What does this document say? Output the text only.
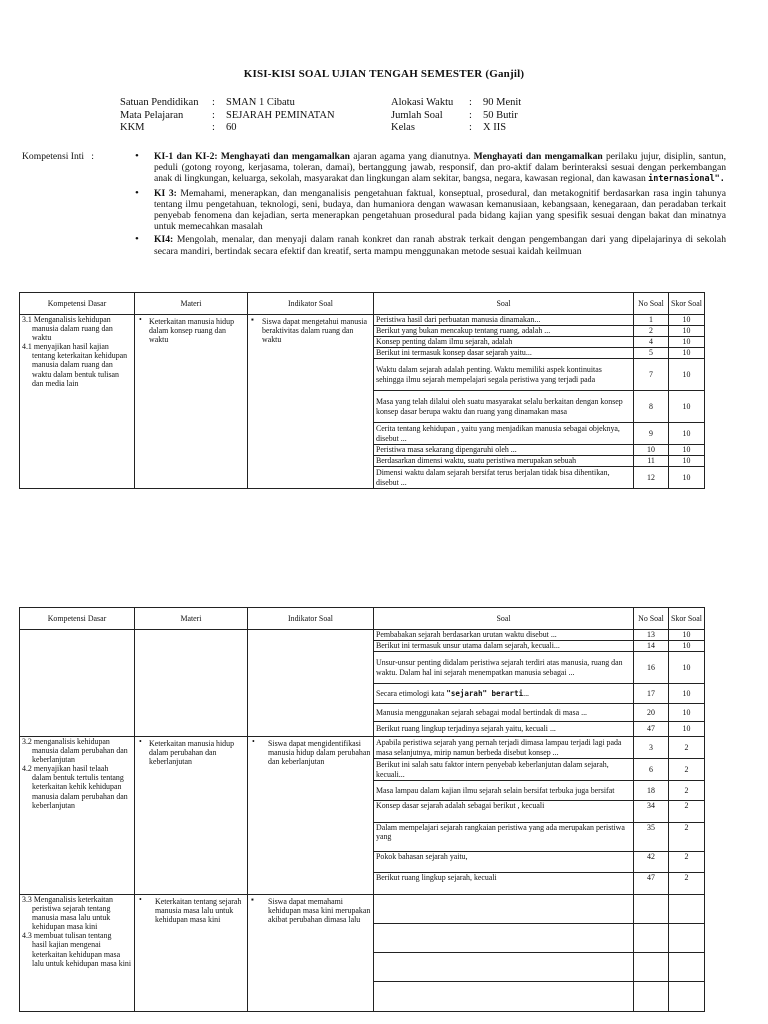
KISI-KISI SOAL UJIAN TENGAH SEMESTER (Ganjil)
Satuan Pendidikan	:	SMAN 1 Cibatu
Mata Pelajaran	:	SEJARAH PEMINATAN
KKM	:	60
Alokasi Waktu	:	90 Menit
Jumlah Soal	:	50 Butir
Kelas	:	X IIS
Kompetensi Inti   :	• KI-1 dan KI-2: Menghayati dan mengamalkan ajaran agama yang dianutnya. Menghayati dan mengamalkan perilaku jujur, disiplin, santun, peduli (gotong royong, kerjasama, toleran, damai), bertanggung jawab, responsif, dan pro-aktif dalam berinteraksi sesuai dengan perkembangan anak di lingkungan, keluarga, sekolah, masyarakat dan lingkungan alam sekitar, bangsa, negara, kawasan regional, dan kawasan internasional".
• KI 3: Memahami, menerapkan, dan menganalisis pengetahuan faktual, konseptual, prosedural, dan metakognitif berdasarkan rasa ingin tahunya tentang ilmu pengetahuan, teknologi, seni, budaya, dan humaniora dengan wawasan kemanusiaan, kebangsaan, kenegaraan, dan peradaban terkait penyebab fenomena dan kejadian, serta menerapkan pengetahuan prosedural pada bidang kajian yang spesifik sesuai dengan bakat dan minatnya untuk memecahkan masalah
• KI4: Mengolah, menalar, dan menyaji dalam ranah konkret dan ranah abstrak terkait dengan pengembangan dari yang dipelajarinya di sekolah secara mandiri, bertindak secara efektif dan kreatif, serta mampu menggunakan metode sesuai kaidah keilmuan
Kompetensi Dasar	Materi	Indikator Soal	Soal	No Soal	Skor Soal

3.1 Menganalisis kehidupan

manusia dalam ruang dan waktu

4.1 menyajikan hasil kajian

tentang keterkaitan kehidupan manusia dalam ruang dan waktu dalam bentuk tulisan dan media lain	• Keterkaitan manusia hidup dalam konsep ruang dan waktu	▪ Siswa dapat mengetahui manusia beraktivitas dalam ruang dan waktu	Peristiwa hasil dari perbuatan manusia dinamakan...	1	10
			Berikut yang bukan mencakup tentang ruang, adalah ...	2	10
			Konsep penting dalam ilmu sejarah, adalah	4	10
			Berikut ini termasuk konsep dasar sejarah yaitu...	5	10
			Waktu dalam sejarah adalah penting. Waktu memiliki aspek kontinuitas sehingga ilmu sejarah mempelajari segala peristiwa yang terjadi pada	7	10
			Masa yang telah dilalui oleh suatu masyarakat selalu berkaitan dengan konsep konsep dasar berupa waktu dan ruang yang dinamakan masa	8	10
			Cerita tentang kehidupan , yaitu yang menjadikan manusia sebagai objeknya, disebut ...	9	10
			Peristiwa masa sekarang dipengaruhi oleh ...	10	10
			Berdasarkan dimensi waktu, suatu peristiwa merupakan sebuah	11	10
			Dimensi waktu dalam sejarah bersifat terus berjalan tidak bisa dihentikan, disebut ...	12	10
Kompetensi Dasar	Materi	Indikator Soal	Soal	No Soal	Skor Soal
			Pembabakan sejarah berdasarkan urutan waktu disebut ...	13	10
			Berikut ini termasuk unsur utama dalam sejarah, kecuali...	14	10
			Unsur-unsur penting didalam peristiwa sejarah terdiri atas manusia, ruang dan waktu. Dalam hal ini sejarah menempatkan manusia sebagai ...	16	10
			Secara etimologi kata "sejarah" berarti...	17	10
			Manusia menggunakan sejarah sebagai modal bertindak di masa ...	20	10
			Berikut ruang lingkup terjadinya sejarah yaitu, kecuali ...	47	10

3.2 menganalisis kehidupan

manusia dalam perubahan dan keberlanjutan

4.2 menyajikan hasil telaah

dalam bentuk tertulis tentang keterkaitan kehik kehidupan manusia dalam perubahan dan keberlanjutan	• Keterkaitan manusia hidup dalam perubahan dan keberlanjutan	• Siswa dapat mengidentifikasi manusia hidup dalam perubahan dan keberlanjutan	Apabila peristiwa sejarah yang pernah terjadi dimasa lampau terjadi lagi pada masa selanjutnya, mirip namun berbeda disebut konsep ...	3	2
			Berikut ini salah satu faktor intern penyebab keberlanjutan dalam sejarah, kecuali...	6	2
			Masa lampau dalam kajian ilmu sejarah selain bersifat terbuka juga bersifat	18	2
			Konsep dasar sejarah adalah sebagai berikut , kecuali	34	2
			Dalam mempelajari sejarah rangkaian peristiwa yang ada merupakan peristiwa yang	35	2
			Pokok bahasan sejarah yaitu,	42	2
			Berikut ruang lingkup sejarah, kecuali	47	2

3.3 Menganalisis keterkaitan

peristiwa sejarah tentang manusia masa lalu untuk kehidupan masa kini

4.3 membuat tulisan tentang

hasil kajian mengenai keterkaitan kehidupan masa lalu untuk kehidupan masa kini	• Keterkaitan tentang sejarah manusia masa lalu untuk kehidupan masa kini	▪ Siswa dapat memahami kehidupan masa kini merupakan akibat perubahan dimasa lalu
